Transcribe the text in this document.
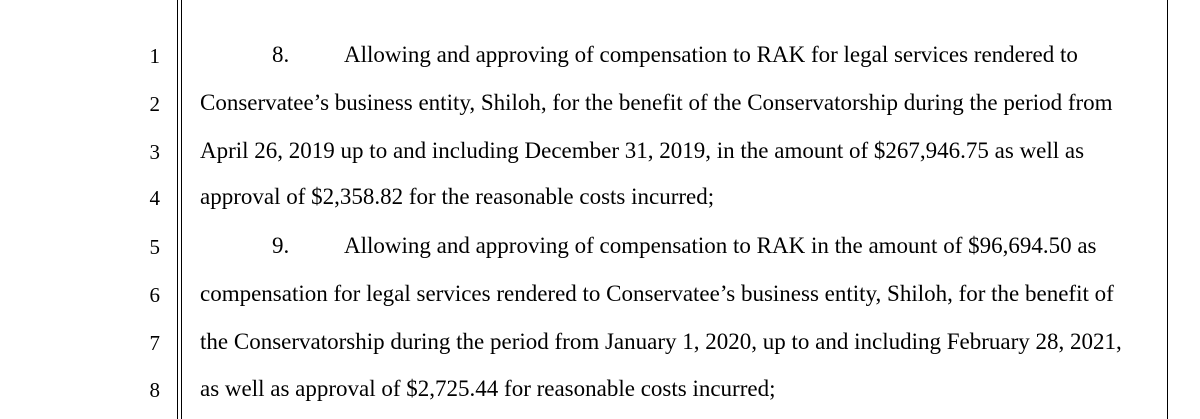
1
2
3
4
5
6
7
8
8. Allowing and approving of compensation to RAK for legal services rendered to
Conservatee’s business entity, Shiloh, for the benefit of the Conservatorship during the period from
April 26, 2019 up to and including December 31, 2019, in the amount of $267,946.75 as well as
approval of $2,358.82 for the reasonable costs incurred;
9. Allowing and approving of compensation to RAK in the amount of $96,694.50 as
compensation for legal services rendered to Conservatee’s business entity, Shiloh, for the benefit of
the Conservatorship during the period from January 1, 2020, up to and including February 28, 2021,
as well as approval of $2,725.44 for reasonable costs incurred;
